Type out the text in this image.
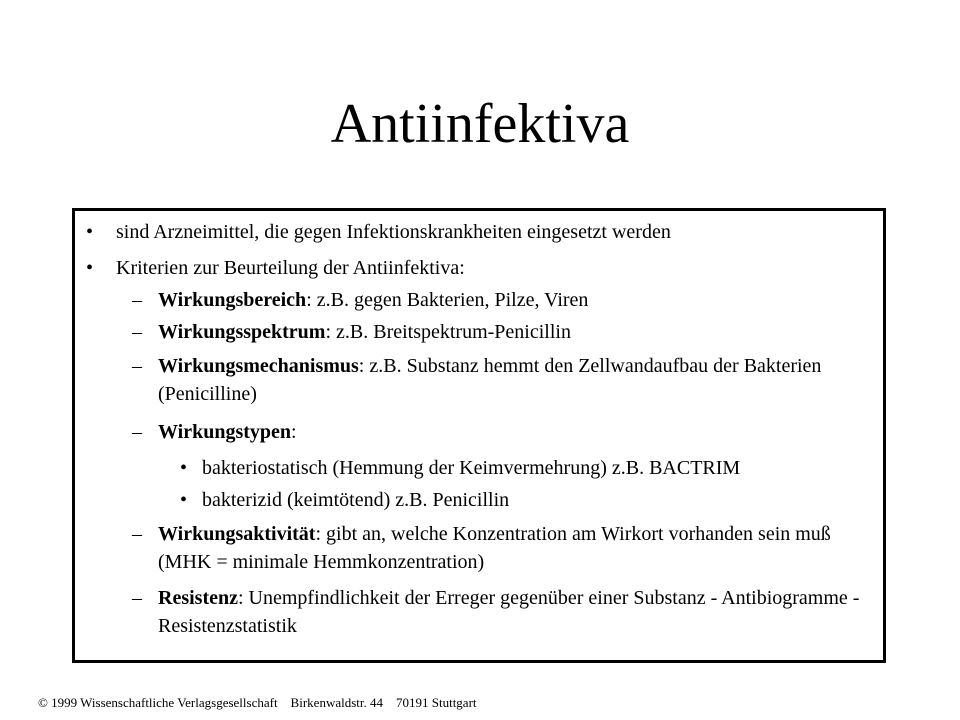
Antiinfektiva
•	sind Arzneimittel, die gegen Infektionskrankheiten eingesetzt werden
•	Kriterien zur Beurteilung der Antiinfektiva:
– Wirkungsbereich: z.B. gegen Bakterien, Pilze, Viren
– Wirkungsspektrum: z.B. Breitspektrum-Penicillin
– Wirkungsmechanismus: z.B. Substanz hemmt den Zellwandaufbau der Bakterien (Penicilline)
– Wirkungstypen:
• bakteriostatisch (Hemmung der Keimvermehrung) z.B. BACTRIM
• bakterizid (keimtötend) z.B. Penicillin
– Wirkungsaktivität: gibt an, welche Konzentration am Wirkort vorhanden sein muß (MHK = minimale Hemmkonzentration)
– Resistenz: Unempfindlichkeit der Erreger gegenüber einer Substanz - Antibiogramme - Resistenzstatistik
© 1999 Wissenschaftliche Verlagsgesellschaft    Birkenwaldstr. 44    70191 Stuttgart
